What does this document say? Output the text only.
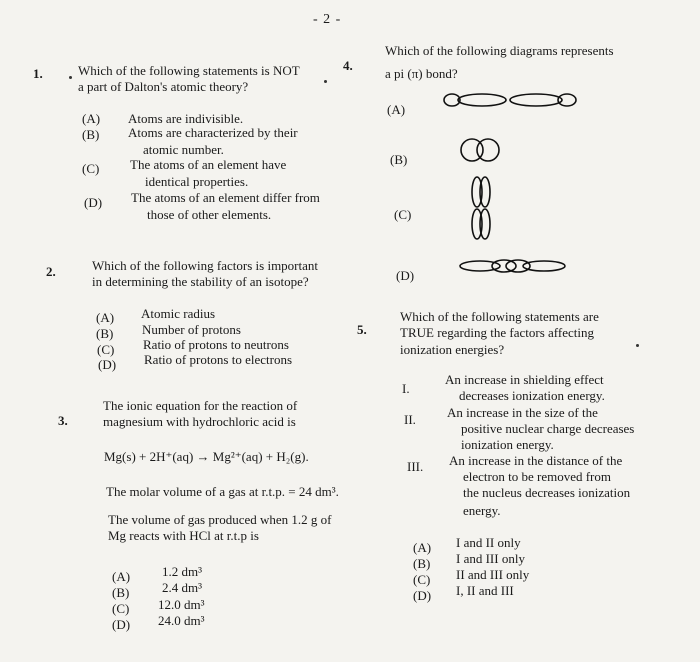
- 2 -
1.	Which of the following statements is NOT
a part of Dalton's atomic theory?
(A) Atoms are indivisible.
(B) Atoms are characterized by their
atomic number.
(C) The atoms of an element have
identical properties.
(D) The atoms of an element differ from
those of other elements.
2.	Which of the following factors is important
in determining the stability of an isotope?
(A) Atomic radius
(B) Number of protons
(C) Ratio of protons to neutrons
(D) Ratio of protons to electrons
3.
The ionic equation for the reaction of
magnesium with hydrochloric acid is
Mg(s) + 2H⁺(aq) → Mg²⁺(aq) + H₂(g).
The molar volume of a gas at r.t.p. = 24 dm³.
The volume of gas produced when 1.2 g of
Mg reacts with HCl at r.t.p is
(A) 1.2 dm³
(B)	2.4 dm³
(C) 12.0 dm³
(D) 24.0 dm³
4.
Which of the following diagrams represents
a pi (π) bond?
(A)
(B)
(C)
(D)
5.
Which of the following statements are
TRUE regarding the factors affecting
ionization energies?
I.
An increase in shielding effect
decreases ionization energy.
II. An increase in the size of the
positive nuclear charge decreases
ionization energy.
III. An increase in the distance of the
electron to be removed from
the nucleus decreases ionization
energy.
(A) I and II only
(B) I and III only
(C) II and III only
(D) I, II and III
